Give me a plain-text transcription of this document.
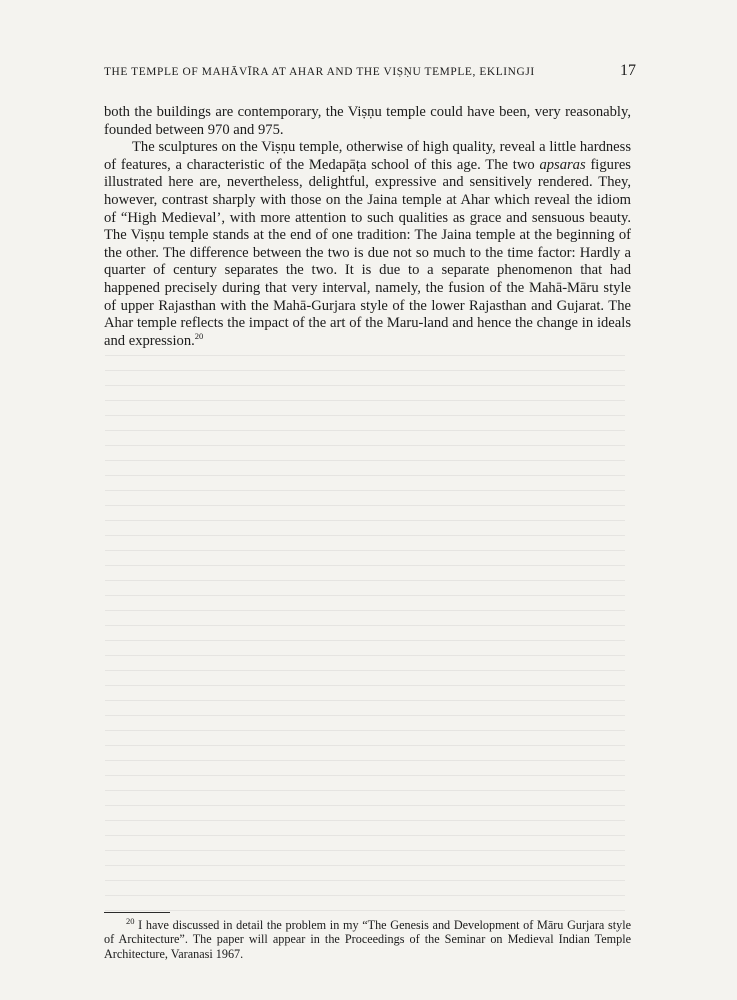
THE TEMPLE OF MAHĀVĪRA AT AHAR AND THE VIṢṆU TEMPLE, EKLINGJI	17

both the buildings are contemporary, the Viṣṇu temple could have been, very reasonably, founded between 970 and 975.

The sculptures on the Viṣṇu temple, otherwise of high quality, reveal a little hardness of features, a characteristic of the Medapāṭa school of this age. The two apsaras figures illustrated here are, nevertheless, delightful, expressive and sensitively rendered. They, however, contrast sharply with those on the Jaina temple at Ahar which reveal the idiom of “High Medieval’, with more attention to such qualities as grace and sensuous beauty. The Viṣṇu temple stands at the end of one tradition: The Jaina temple at the beginning of the other. The difference between the two is due not so much to the time factor: Hardly a quarter of century separates the two. It is due to a separate phenomenon that had happened precisely during that very interval, namely, the fusion of the Mahā-Māru style of upper Rajasthan with the Mahā-Gurjara style of the lower Rajasthan and Gujarat. The Ahar temple reflects the impact of the art of the Maru-land and hence the change in ideals and expression.$^{20}$

$^{20}$ I have discussed in detail the problem in my “The Genesis and Development of Māru Gurjara style of Architecture”. The paper will appear in the Proceedings of the Seminar on Medieval Indian Temple Architecture, Varanasi 1967.
